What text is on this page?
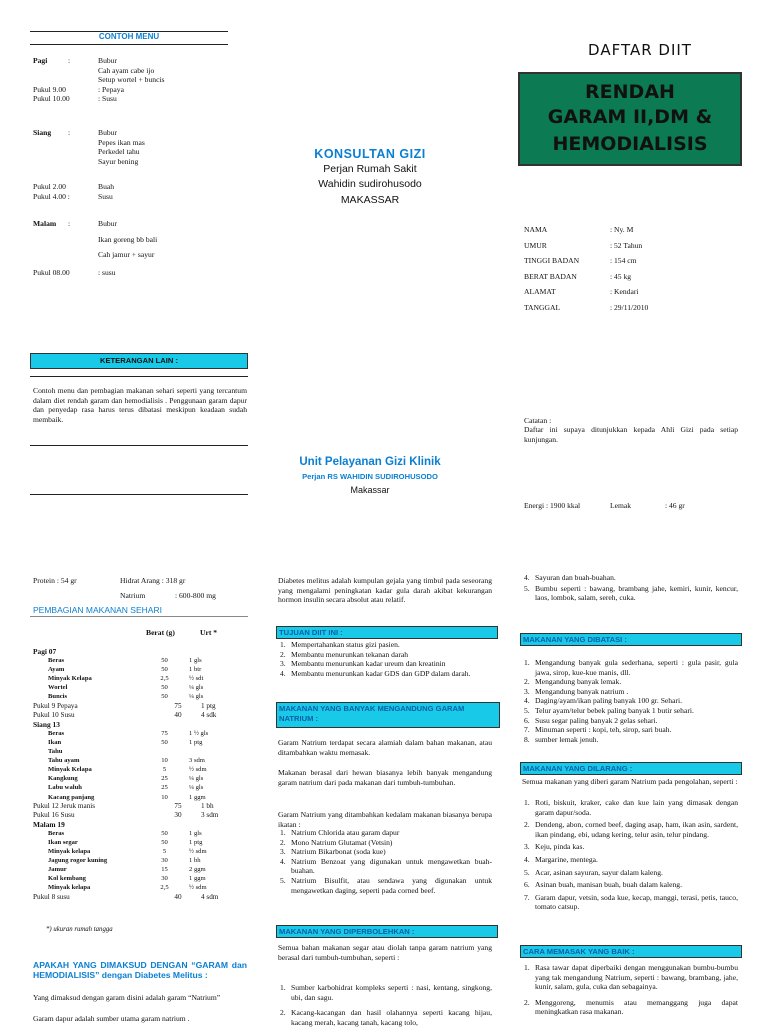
CONTOH MENU
Pagi	:	Bubur
Cah ayam cabe ijo
Setup wortel + buncis
Pukul 9.00	: Pepaya
Pukul 10.00	: Susu
Siang	:	Bubur
Pepes ikan mas
Perkedel tahu
Sayur bening
Pukul 2.00	Buah
Pukul 4.00 :	Susu
Malam	:	Bubur
Ikan goreng bb bali
Cah jamur + sayur
Pukul 08.00	: susu
KETERANGAN LAIN :
Contoh menu dan pembagian makanan sehari seperti yang tercantum dalam diet rendah garam dan hemodialisis . Penggunaan garam dapur dan penyedap rasa harus terus dibatasi meskipun keadaan sudah membaik.
KONSULTAN GIZI
Perjan Rumah Sakit
Wahidin sudirohusodo
MAKASSAR
Unit Pelayanan Gizi Klinik
Perjan RS WAHIDIN SUDIROHUSODO
Makassar
DAFTAR DIIT
RENDAH
GARAM II,DM &
HEMODIALISIS
NAMA	: Ny. M
UMUR	: 52 Tahun
TINGGI BADAN	: 154 cm
BERAT BADAN	: 45 kg
ALAMAT	: Kendari
TANGGAL	: 29/11/2010
Catatan :
Daftar ini supaya ditunjukkan kepada Ahli Gizi pada setiap kunjungan.
Energi : 1900 kkal	Lemak	: 46 gr
Protein : 54 gr	Hidrat Arang : 318 gr
Natrium	: 600-800 mg
PEMBAGIAN MAKANAN SEHARI
Berat (g)	Urt *
Pagi 07
Beras	50	1 gls
Ayam	50	1 btr
Minyak Kelapa	2,5	½ sdt
Wortel	50	¼ gls
Buncis	50	¼ gls
Pukul 9 Pepaya	75	1 ptg
Pukul 10 Susu	40	4 sdk
Siang 13
Beras	75	1 ½ gls
Ikan	50	1 ptg
Tahu
Tahu ayam	10	3 sdm
Minyak Kelapa	5	½ sdm
Kangkung	25	¼ gls
Labu waluh	25	¼ gls
Kacang panjang	10	1 ggm
Pukul 12 Jeruk manis	75	1 bh
Pukul 16 Susu	30	3 sdm
Malam 19
Beras	50	1 gls
Ikan segar	50	1 ptg
Minyak kelapa	5	½ sdm
Jagung rogor kuning	30	1 bh
Jamur	15	2 ggm
Kol kembang	30	1 ggm
Minyak kelapa	2,5	½ sdm
Pukul 8 susu	40	4 sdm
*) ukuran rumah tangga
APAKAH YANG DIMAKSUD DENGAN “GARAM dan HEMODIALISIS” dengan Diabetes Melitus :
Yang dimaksud dengan garam disini adalah garam “Natrium”
Garam dapur adalah sumber utama garam natrium .
Diabetes melitus adalah kumpulan gejala yang timbul pada seseorang yang mengalami peningkatan kadar gula darah akibat kekurangan hormon insulin secara absolut atau relatif.
TUJUAN DIIT INI :
1. Mempertahankan status gizi pasien.
2. Membantu menurunkan tekanan darah
3. Membantu menurunkan kadar ureum dan kreatinin
4. Membantu menurunkan kadar GDS dan GDP dalam darah.
MAKANAN YANG BANYAK MENGANDUNG GARAM NATRIUM :
Garam Natrium terdapat secara alamiah dalam bahan makanan, atau ditambahkan waktu memasak.
Makanan berasal dari hewan biasanya lebih banyak mengandung garam natrium dari pada makanan dari tumbuh-tumbuhan.
Garam Natrium yang ditambahkan kedalam makanan biasanya berupa ikatan :
1. Natrium Chlorida atau garam dapur
2. Mono Natrium Glutamat (Vetsin)
3. Natrium Bikarbonat (soda kue)
4. Natrium Benzoat yang digunakan untuk mengawetkan buah-buahan.
5. Natrium Bisulfit, atau sendawa yang digunakan untuk mengawetkan daging, seperti pada corned beef.
MAKANAN YANG DIPERBOLEHKAN :
Semua bahan makanan segar atau diolah tanpa garam natrium yang berasal dari tumbuh-tumbuhan, seperti :
1. Sumber karbohidrat kompleks seperti : nasi, kentang, singkong, ubi, dan sagu.
2. Kacang-kacangan dan hasil olahannya seperti kacang hijau, kacang merah, kacang tanah, kacang tolo,
4. Sayuran dan buah-buahan.
5. Bumbu seperti : bawang, brambang jahe, kemiri, kunir, kencur, laos, lombok, salam, sereh, cuka.
MAKANAN YANG DIBATASI :
1. Mengandung banyak gula sederhana, seperti : gula pasir, gula jawa, sirop, kue-kue manis, dll.
2. Mengandung banyak lemak.
3. Mengandung banyak natrium .
4. Daging/ayam/ikan paling banyak 100 gr. Sehari.
5. Telur ayam/telur bebek paling banyak 1 butir sehari.
6. Susu segar paling banyak 2 gelas sehari.
7. Minuman seperti : kopi, teh, sirop, sari buah.
8. sumber lemak jenuh.
MAKANAN YANG DILARANG :
Semua makanan yang diberi garam Natrium pada pengolahan, seperti :
1. Roti, biskuit, kraker, cake dan kue lain yang dimasak dengan garam dapur/soda.
2. Dendeng, abon, corned beef, daging asap, ham, ikan asin, sardent, ikan pindang, ebi, udang kering, telur asin, telur pindang.
3. Keju, pinda kas.
4. Margarine, mentega.
5. Acar, asinan sayuran, sayur dalam kaleng.
6. Asinan buah, manisan buah, buah dalam kaleng.
7. Garam dapur, vetsin, soda kue, kecap, manggi, terasi, petis, tauco, tomato catsup.
CARA MEMASAK YANG BAIK :
1. Rasa tawar dapat diperbaiki dengan menggunakan bumbu-bumbu yang tak mengandung Natrium, seperti : bawang, brambang, jahe, kunir, salam, gula, cuka dan sebagainya.
2. Menggoreng, menumis atau memanggang juga dapat meningkatkan rasa makanan.
